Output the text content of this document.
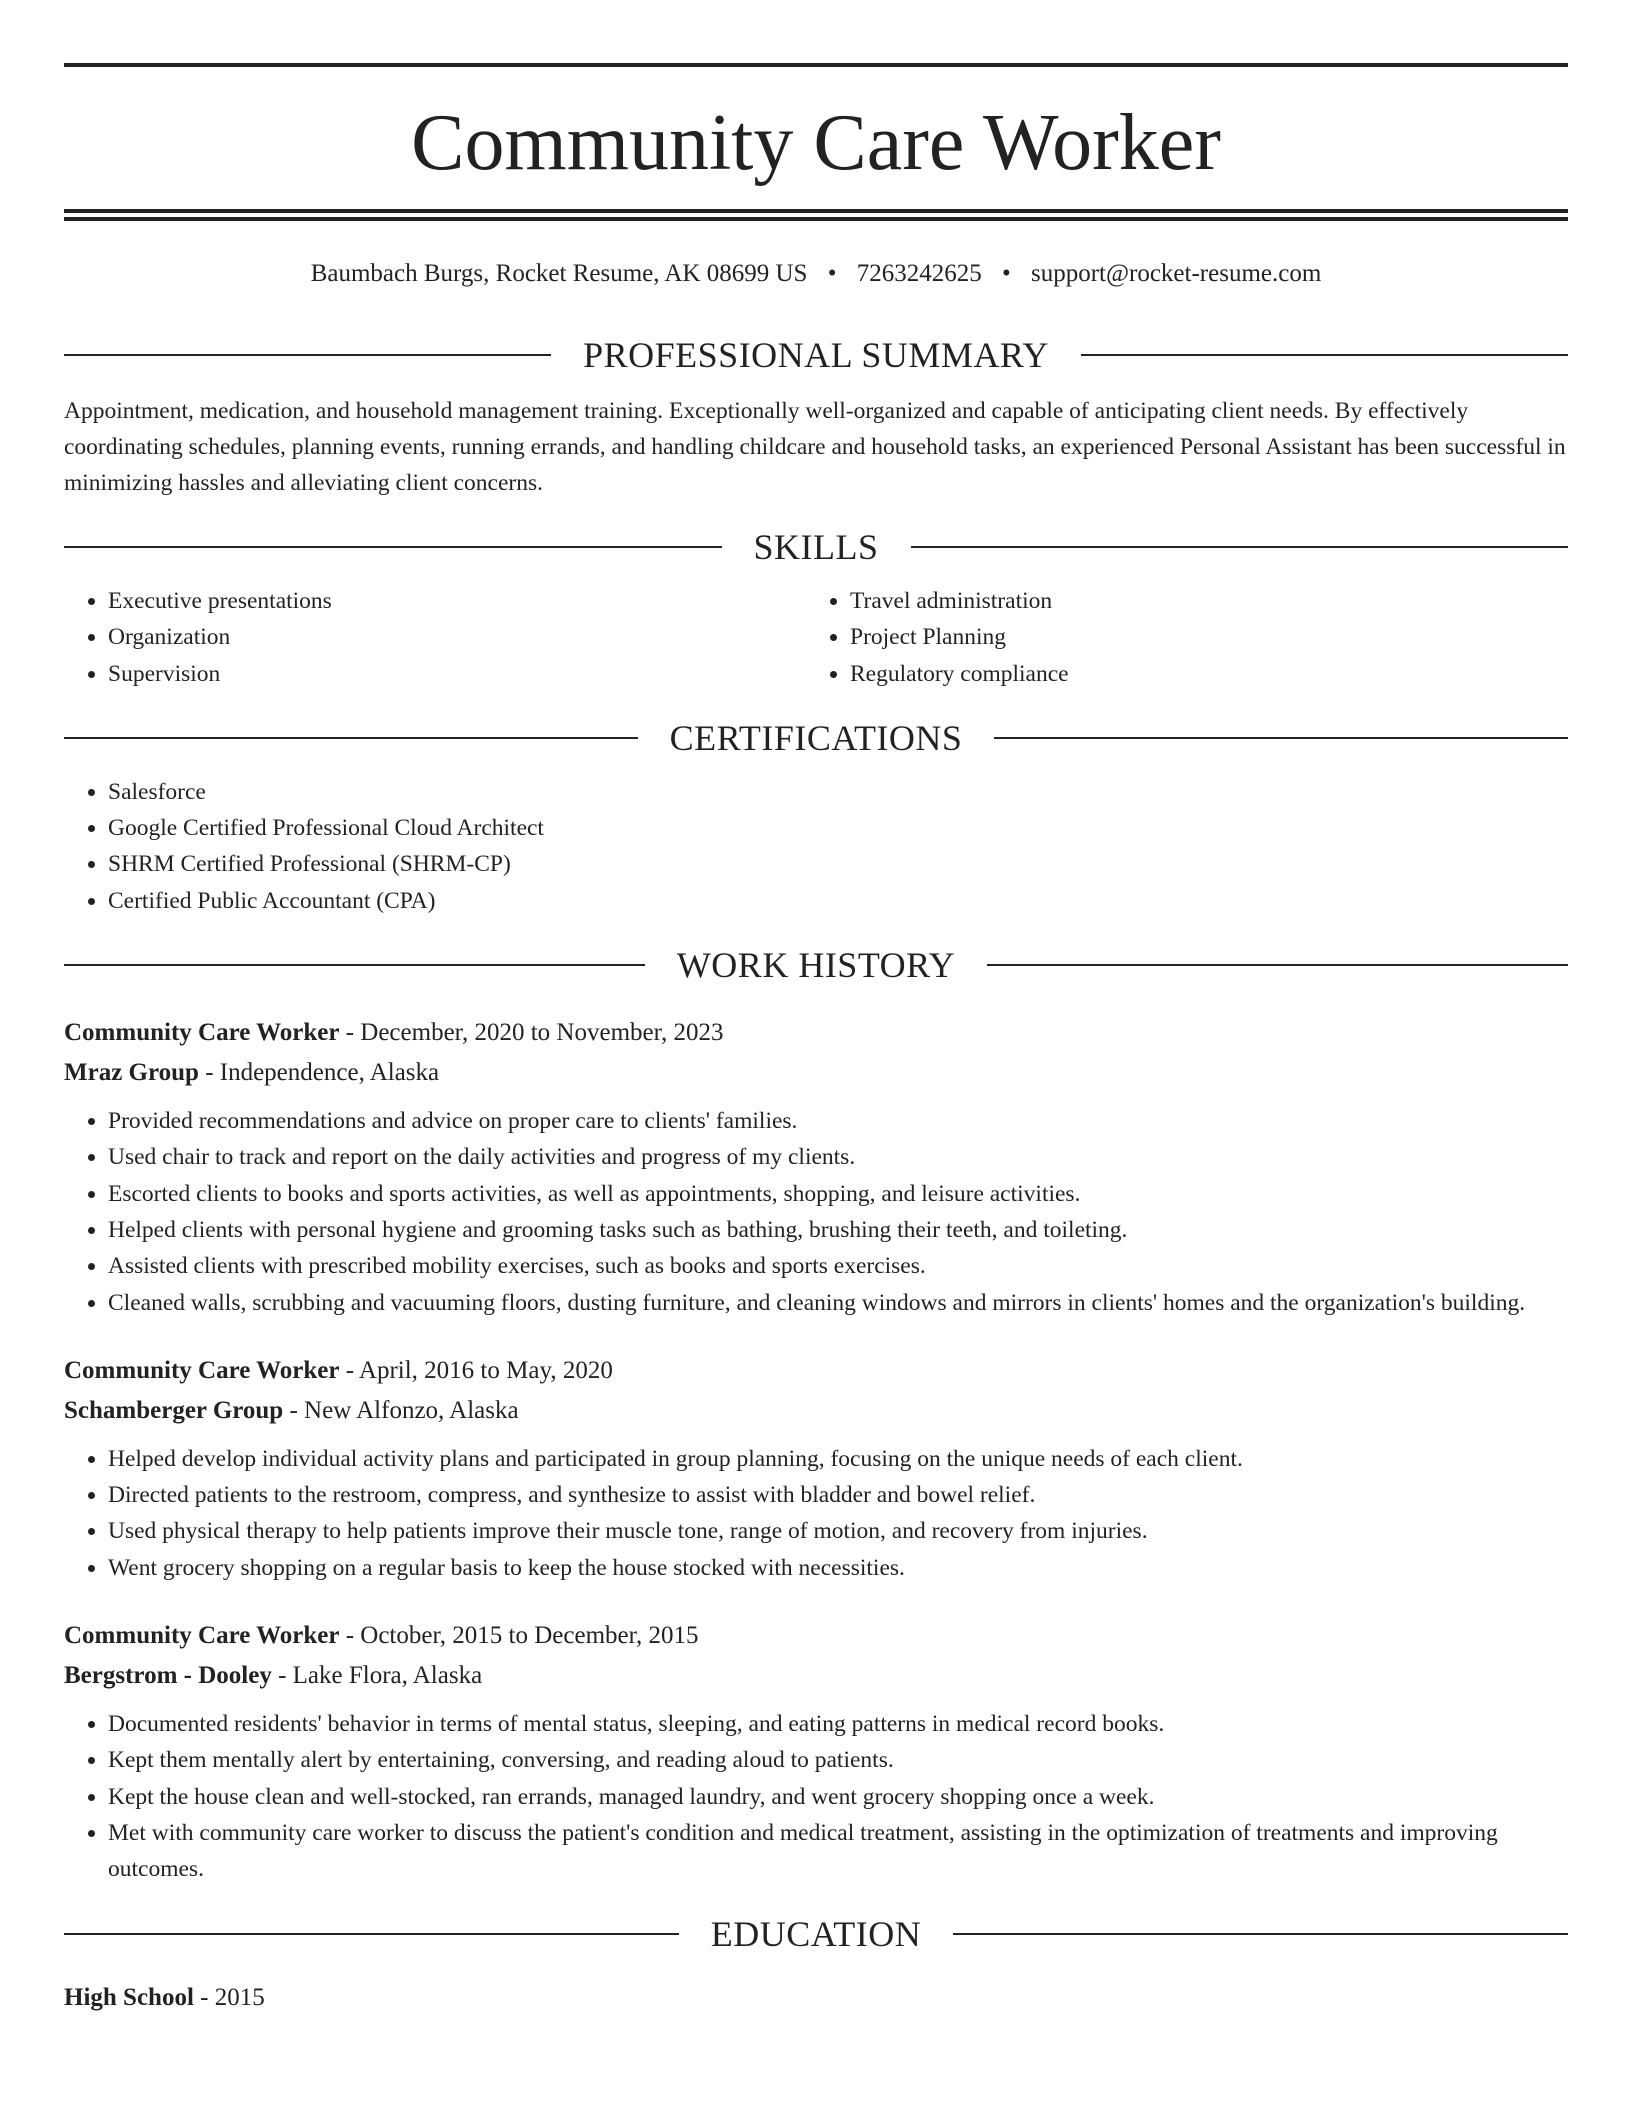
Community Care Worker
Baumbach Burgs, Rocket Resume, AK 08699 US • 7263242625 • support@rocket-resume.com
PROFESSIONAL SUMMARY

Appointment, medication, and household management training. Exceptionally well-organized and capable of anticipating client needs. By effectively coordinating schedules, planning events, running errands, and handling childcare and household tasks, an experienced Personal Assistant has been successful in minimizing hassles and alleviating client concerns.

SKILLS
• Executive presentations
• Organization
• Supervision
• Travel administration
• Project Planning
• Regulatory compliance
CERTIFICATIONS
• Salesforce
• Google Certified Professional Cloud Architect
• SHRM Certified Professional (SHRM-CP)
• Certified Public Accountant (CPA)
WORK HISTORY
Community Care Worker - December, 2020 to November, 2023
Mraz Group - Independence, Alaska
• Provided recommendations and advice on proper care to clients' families.
• Used chair to track and report on the daily activities and progress of my clients.
• Escorted clients to books and sports activities, as well as appointments, shopping, and leisure activities.
• Helped clients with personal hygiene and grooming tasks such as bathing, brushing their teeth, and toileting.
• Assisted clients with prescribed mobility exercises, such as books and sports exercises.
• Cleaned walls, scrubbing and vacuuming floors, dusting furniture, and cleaning windows and mirrors in clients' homes and the organization's building.
Community Care Worker - April, 2016 to May, 2020
Schamberger Group - New Alfonzo, Alaska
• Helped develop individual activity plans and participated in group planning, focusing on the unique needs of each client.
• Directed patients to the restroom, compress, and synthesize to assist with bladder and bowel relief.
• Used physical therapy to help patients improve their muscle tone, range of motion, and recovery from injuries.
• Went grocery shopping on a regular basis to keep the house stocked with necessities.
Community Care Worker - October, 2015 to December, 2015
Bergstrom - Dooley - Lake Flora, Alaska
• Documented residents' behavior in terms of mental status, sleeping, and eating patterns in medical record books.
• Kept them mentally alert by entertaining, conversing, and reading aloud to patients.
• Kept the house clean and well-stocked, ran errands, managed laundry, and went grocery shopping once a week.
• Met with community care worker to discuss the patient's condition and medical treatment, assisting in the optimization of treatments and improving outcomes.
EDUCATION
High School - 2015
